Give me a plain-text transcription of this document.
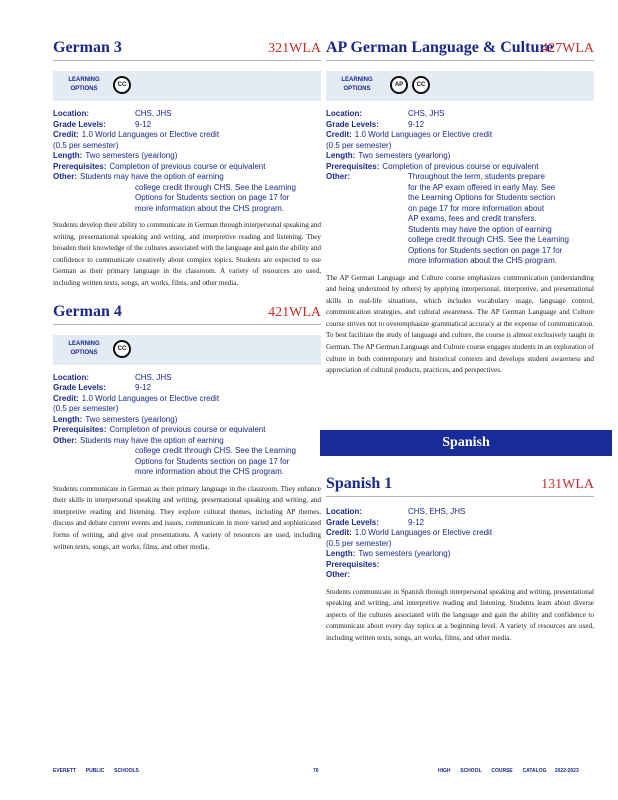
German 3	321WLA
LEARNING
OPTIONS
CC
Location:	CHS, JHS
Grade Levels:	9-12
Credit: 1.0 World Languages or Elective credit
(0.5 per semester)
Length: Two semesters (yearlong)
Prerequisites: Completion of previous course or equivalent
Other: Students may have the option of earning
college credit through CHS. See the Learning
Options for Students section on page 17 for
more information about the CHS program.

Students develop their ability to communicate in German through interpersonal speaking and writing, presentational speaking and writing, and interpretive reading and listening. They broaden their knowledge of the cultures associated with the language and gain the ability and confidence to communicate creatively about complex topics. Students are expected to use German as their primary language in the classroom. A variety of resources are used, including written texts, songs, art works, films, and other media.

German 4	421WLA
LEARNING
OPTIONS
CC
Location:	CHS, JHS
Grade Levels:	9-12
Credit: 1.0 World Languages or Elective credit
(0.5 per semester)
Length: Two semesters (yearlong)
Prerequisites: Completion of previous course or equivalent
Other: Students may have the option of earning
college credit through CHS. See the Learning
Options for Students section on page 17 for
more information about the CHS program.

Students communicate in German as their primary language in the classroom. They enhance their skills in interpersonal speaking and writing, presentational speaking and writing, and interpretive reading and listening. They explore cultural themes, including AP themes, discuss and debate current events and issues, communicate in more varied and sophisticated forms of writing, and give oral presentations. A variety of resources are used, including written texts, songs, art works, films, and other media.

AP German Language & Culture
427WLA
LEARNING
OPTIONS
AP	CC
Location:	CHS, JHS
Grade Levels:	9-12
Credit: 1.0 World Languages or Elective credit
(0.5 per semester)
Length: Two semesters (yearlong)
Prerequisites: Completion of previous course or equivalent
Other:	Throughout the term, students prepare
for the AP exam offered in early May. See
the Learning Options for Students section
on page 17 for more information about
AP exams, fees and credit transfers.
Students may have the option of earning
college credit through CHS. See the Learning
Options for Students section on page 17 for
more information about the CHS program.

The AP German Language and Culture course emphasizes communication (understanding and being understood by others) by applying interpersonal, interpretive, and presentational skills in real-life situations, which includes vocabulary usage, language control, communication strategies, and cultural awareness. The AP German Language and Culture course strives not to overemphasize grammatical accuracy at the expense of communication. To best facilitate the study of language and culture, the course is almost exclusively taught in German. The AP German Language and Culture course engages students in an exploration of culture in both contemporary and historical contexts and develops student awareness and appreciation of cultural products, practices, and perspectives.

Spanish
Spanish 1	131WLA
Location:	CHS, EHS, JHS
Grade Levels:	9-12
Credit: 1.0 World Languages or Elective credit
(0.5 per semester)
Length: Two semesters (yearlong)
Prerequisites:
Other:

Students communicate in Spanish through interpersonal speaking and writing, presentational speaking and writing, and interpretive reading and listening. Students learn about diverse aspects of the cultures associated with the language and gain the ability and confidence to communicate about every day topics at a beginning level. A variety of resources are used, including written texts, songs, art works, films, and other media.

EVERETT PUBLIC SCHOOLS	70	HIGH SCHOOL COURSE CATALOG 2022-2023
